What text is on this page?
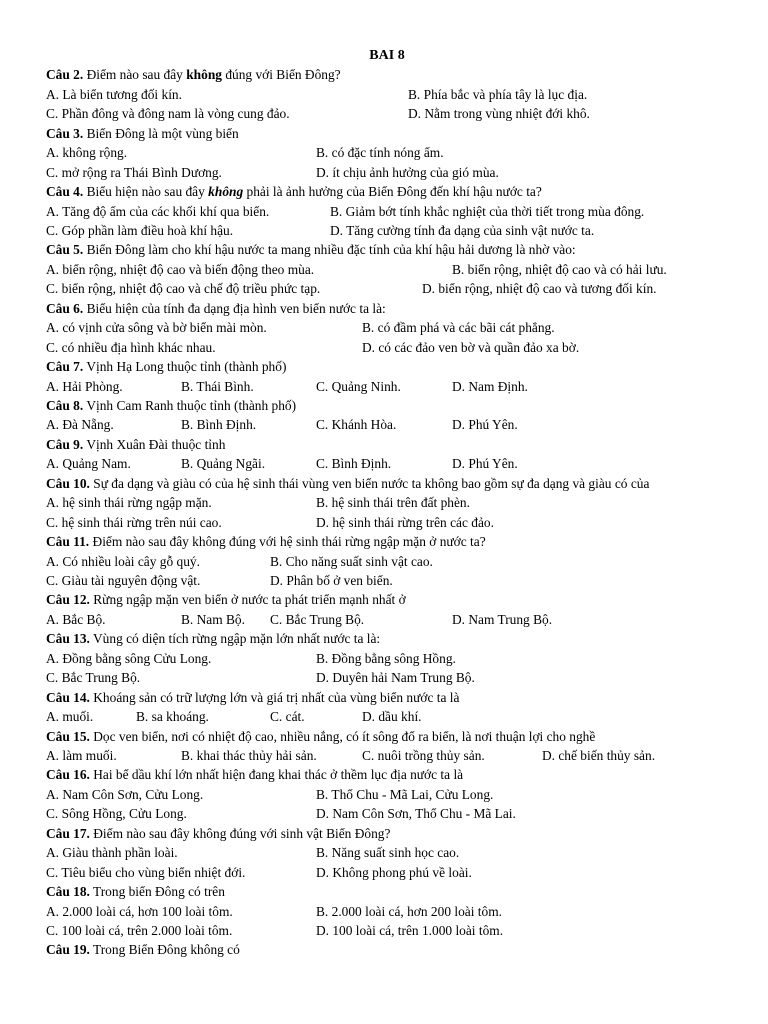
BAI 8
Câu 2. Điểm nào sau đây không đúng với Biển Đông?
A. Là biển tương đối kín.	B. Phía bắc và phía tây là lục địa.
C. Phần đông và đông nam là vòng cung đảo.	D. Nằm trong vùng nhiệt đới khô.
Câu 3. Biển Đông là một vùng biển
A. không rộng.	B. có đặc tính nóng ẩm.
C. mở rộng ra Thái Bình Dương.	D. ít chịu ảnh hưởng của gió mùa.
Câu 4. Biểu hiện nào sau đây không phải là ảnh hưởng của Biển Đông đến khí hậu nước ta?
A. Tăng độ ẩm của các khối khí qua biển.	B. Giảm bớt tính khắc nghiệt của thời tiết trong mùa đông.
C. Góp phần làm điều hoà khí hậu.	D. Tăng cường tính đa dạng của sinh vật nước ta.
Câu 5. Biển Đông làm cho khí hậu nước ta mang nhiều đặc tính của khí hậu hải dương là nhờ vào:
A. biển rộng, nhiệt độ cao và biến động theo mùa.	B. biển rộng, nhiệt độ cao và có hải lưu.
C. biển rộng, nhiệt độ cao và chế độ triều phức tạp.	D. biển rộng, nhiệt độ cao và tương đối kín.
Câu 6. Biểu hiện của tính đa dạng địa hình ven biển nước ta là:
A. có vịnh cửa sông và bờ biển mài mòn.	B. có đầm phá và các bãi cát phẳng.
C. có nhiều địa hình khác nhau.	D. có các đảo ven bờ và quần đảo xa bờ.
Câu 7. Vịnh Hạ Long thuộc tỉnh (thành phố)
A. Hải Phòng.	B. Thái Bình.	C. Quảng Ninh.	D. Nam Định.
Câu 8. Vịnh Cam Ranh thuộc tỉnh (thành phố)
A. Đà Nẵng.	B. Bình Định.	C. Khánh Hòa.	D. Phú Yên.
Câu 9. Vịnh Xuân Đài thuộc tỉnh
A. Quảng Nam.	B. Quảng Ngãi.	C. Bình Định.	D. Phú Yên.
Câu 10. Sự đa dạng và giàu có của hệ sinh thái vùng ven biển nước ta không bao gồm sự đa dạng và giàu có của
A. hệ sinh thái rừng ngập mặn.	B. hệ sinh thái trên đất phèn.
C. hệ sinh thái rừng trên núi cao.	D. hệ sinh thái rừng trên các đảo.
Câu 11. Điểm nào sau đây không đúng với hệ sinh thái rừng ngập mặn ở nước ta?
A. Có nhiều loài cây gỗ quý.	B. Cho năng suất sinh vật cao.
C. Giàu tài nguyên động vật.	D. Phân bố ở ven biển.
Câu 12. Rừng ngập mặn ven biển ở nước ta phát triển mạnh nhất ở
A. Bắc Bộ.	B. Nam Bộ. C. Bắc Trung Bộ.	D. Nam Trung Bộ.
Câu 13. Vùng có diện tích rừng ngập mặn lớn nhất nước ta là:
A. Đồng bằng sông Cửu Long.	B. Đồng bằng sông Hồng.
C. Bắc Trung Bộ.	D. Duyên hải Nam Trung Bộ.
Câu 14. Khoáng sản có trữ lượng lớn và giá trị nhất của vùng biển nước ta là
A. muối.	B. sa khoáng.	C. cát.	D. dầu khí.
Câu 15. Dọc ven biển, nơi có nhiệt độ cao, nhiều nắng, có ít sông đổ ra biển, là nơi thuận lợi cho nghề
A. làm muối.	B. khai thác thủy hải sản.	C. nuôi trồng thủy sản.	D. chế biến thủy sản.
Câu 16. Hai bể dầu khí lớn nhất hiện đang khai thác ở thềm lục địa nước ta là
A. Nam Côn Sơn, Cửu Long.	B. Thổ Chu - Mã Lai, Cửu Long.
C. Sông Hồng, Cửu Long.	D. Nam Côn Sơn, Thổ Chu - Mã Lai.
Câu 17. Điểm nào sau đây không đúng với sinh vật Biển Đông?
A. Giàu thành phần loài.	B. Năng suất sinh học cao.
C. Tiêu biểu cho vùng biển nhiệt đới.	D. Không phong phú về loài.
Câu 18. Trong biển Đông có trên
A. 2.000 loài cá, hơn 100 loài tôm.	B. 2.000 loài cá, hơn 200 loài tôm.
C. 100 loài cá, trên 2.000 loài tôm.	D. 100 loài cá, trên 1.000 loài tôm.
Câu 19. Trong Biển Đông không có
